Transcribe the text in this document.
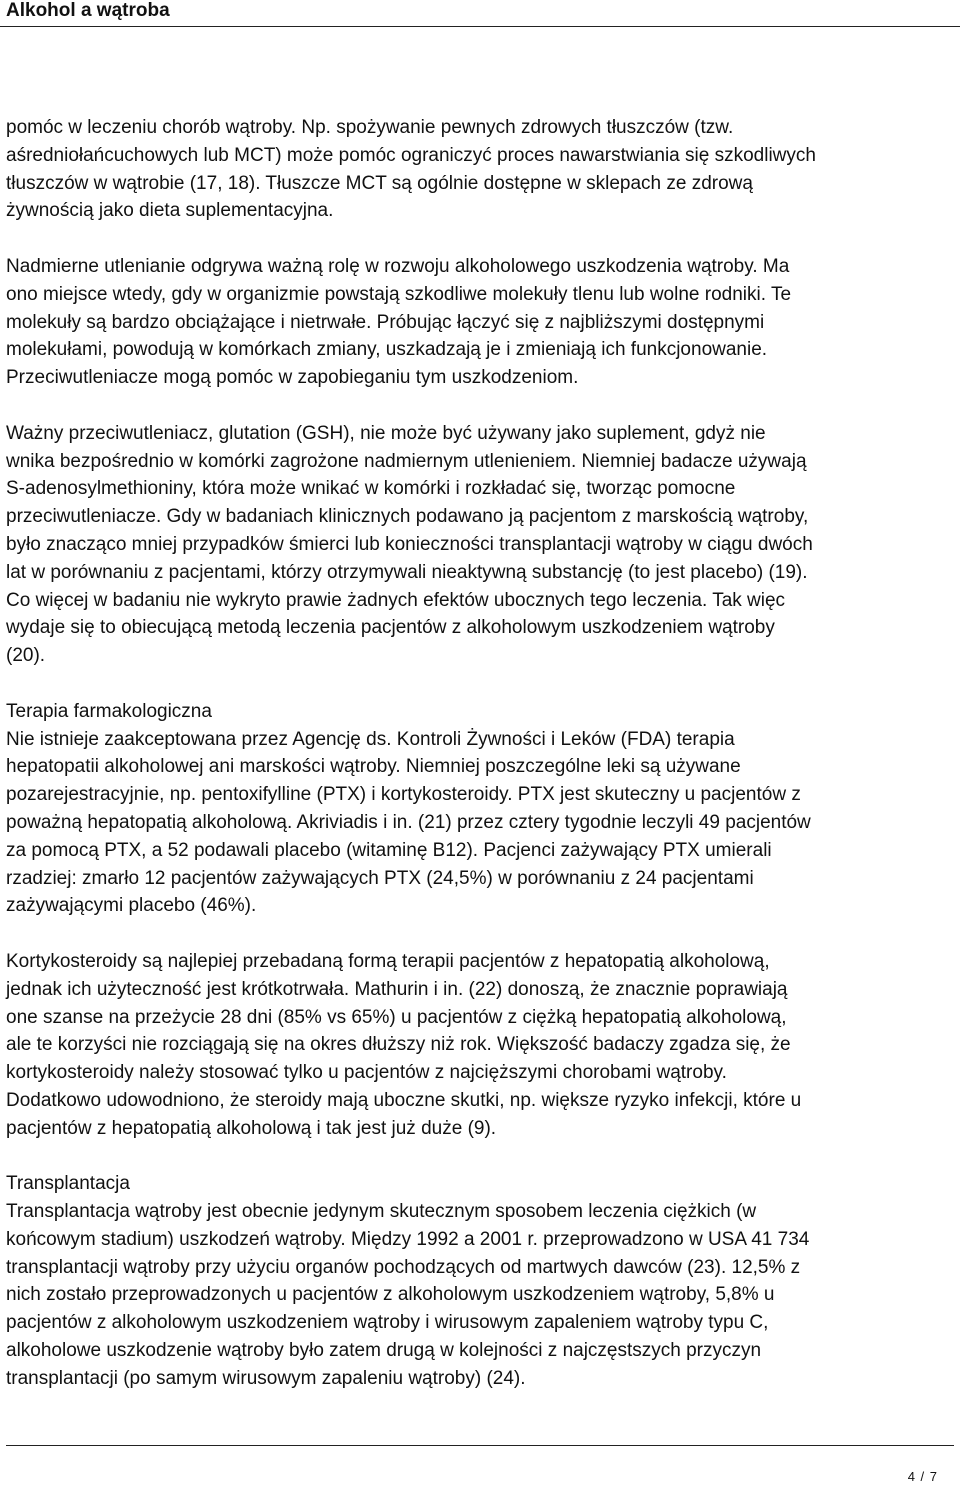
Alkohol a wątroba

pomóc w leczeniu chorób wątroby. Np. spożywanie pewnych zdrowych tłuszczów (tzw.
aśredniołańcuchowych lub MCT) może pomóc ograniczyć proces nawarstwiania się szkodliwych
tłuszczów w wątrobie (17, 18). Tłuszcze MCT są ogólnie dostępne w sklepach ze zdrową
żywnością jako dieta suplementacyjna.

Nadmierne utlenianie odgrywa ważną rolę w rozwoju alkoholowego uszkodzenia wątroby. Ma
ono miejsce wtedy, gdy w organizmie powstają szkodliwe molekuły tlenu lub wolne rodniki. Te
molekuły są bardzo obciążające i nietrwałe. Próbując łączyć się z najbliższymi dostępnymi
molekułami, powodują w komórkach zmiany, uszkadzają je i zmieniają ich funkcjonowanie.
Przeciwutleniacze mogą pomóc w zapobieganiu tym uszkodzeniom.

Ważny przeciwutleniacz, glutation (GSH), nie może być używany jako suplement, gdyż nie
wnika bezpośrednio w komórki zagrożone nadmiernym utlenieniem. Niemniej badacze używają
S-adenosylmethioniny, która może wnikać w komórki i rozkładać się, tworząc pomocne
przeciwutleniacze. Gdy w badaniach klinicznych podawano ją pacjentom z marskością wątroby,
było znacząco mniej przypadków śmierci lub konieczności transplantacji wątroby w ciągu dwóch
lat w porównaniu z pacjentami, którzy otrzymywali nieaktywną substancję (to jest placebo) (19).
Co więcej w badaniu nie wykryto prawie żadnych efektów ubocznych tego leczenia. Tak więc
wydaje się to obiecującą metodą leczenia pacjentów z alkoholowym uszkodzeniem wątroby
(20).

Terapia farmakologiczna

Nie istnieje zaakceptowana przez Agencję ds. Kontroli Żywności i Leków (FDA) terapia
hepatopatii alkoholowej ani marskości wątroby. Niemniej poszczególne leki są używane
pozarejestracyjnie, np. pentoxifylline (PTX) i kortykosteroidy. PTX jest skuteczny u pacjentów z
poważną hepatopatią alkoholową. Akriviadis i in. (21) przez cztery tygodnie leczyli 49 pacjentów
za pomocą PTX, a 52 podawali placebo (witaminę B12). Pacjenci zażywający PTX umierali
rzadziej: zmarło 12 pacjentów zażywających PTX (24,5%) w porównaniu z 24 pacjentami
zażywającymi placebo (46%).

Kortykosteroidy są najlepiej przebadaną formą terapii pacjentów z hepatopatią alkoholową,
jednak ich użyteczność jest krótkotrwała. Mathurin i in. (22) donoszą, że znacznie poprawiają
one szanse na przeżycie 28 dni (85% vs 65%) u pacjentów z ciężką hepatopatią alkoholową,
ale te korzyści nie rozciągają się na okres dłuższy niż rok. Większość badaczy zgadza się, że
kortykosteroidy należy stosować tylko u pacjentów z najcięższymi chorobami wątroby.
Dodatkowo udowodniono, że steroidy mają uboczne skutki, np. większe ryzyko infekcji, które u
pacjentów z hepatopatią alkoholową i tak jest już duże (9).

Transplantacja

Transplantacja wątroby jest obecnie jedynym skutecznym sposobem leczenia ciężkich (w
końcowym stadium) uszkodzeń wątroby. Między 1992 a 2001 r. przeprowadzono w USA 41 734
transplantacji wątroby przy użyciu organów pochodzących od martwych dawców (23). 12,5% z
nich zostało przeprowadzonych u pacjentów z alkoholowym uszkodzeniem wątroby, 5,8% u
pacjentów z alkoholowym uszkodzeniem wątroby i wirusowym zapaleniem wątroby typu C,
alkoholowe uszkodzenie wątroby było zatem drugą w kolejności z najczęstszych przyczyn
transplantacji (po samym wirusowym zapaleniu wątroby) (24).

4 / 7
